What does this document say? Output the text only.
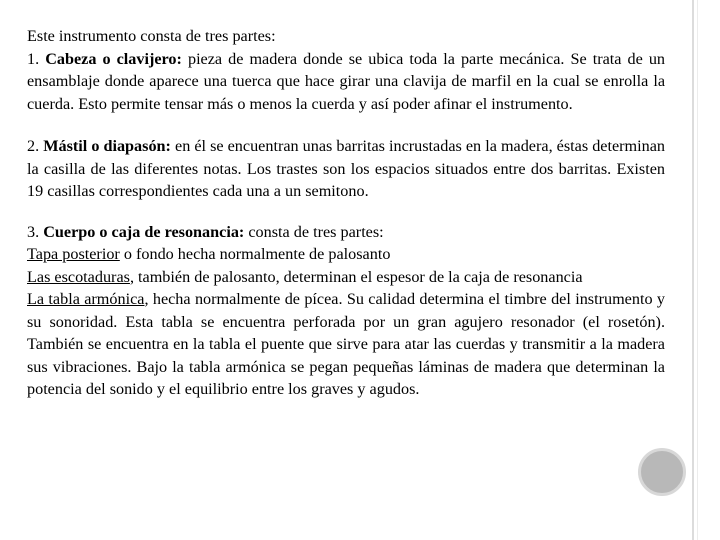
Este instrumento consta de tres partes:

1. Cabeza o clavijero: pieza de madera donde se ubica toda la parte mecánica. Se trata de un ensamblaje donde aparece una tuerca que hace girar una clavija de marfil en la cual se enrolla la cuerda. Esto permite tensar más o menos la cuerda y así poder afinar el instrumento.

2. Mástil o diapasón: en él se encuentran unas barritas incrustadas en la madera, éstas determinan la casilla de las diferentes notas. Los trastes son los espacios situados entre dos barritas. Existen 19 casillas correspondientes cada una a un semitono.

3. Cuerpo o caja de resonancia: consta de tres partes:

Tapa posterior o fondo hecha normalmente de palosanto

Las escotaduras, también de palosanto, determinan el espesor de la caja de resonancia

La tabla armónica, hecha normalmente de pícea. Su calidad determina el timbre del instrumento y su sonoridad. Esta tabla se encuentra perforada por un gran agujero resonador (el rosetón). También se encuentra en la tabla el puente que sirve para atar las cuerdas y transmitir a la madera sus vibraciones. Bajo la tabla armónica se pegan pequeñas láminas de madera que determinan la potencia del sonido y el equilibrio entre los graves y agudos.
